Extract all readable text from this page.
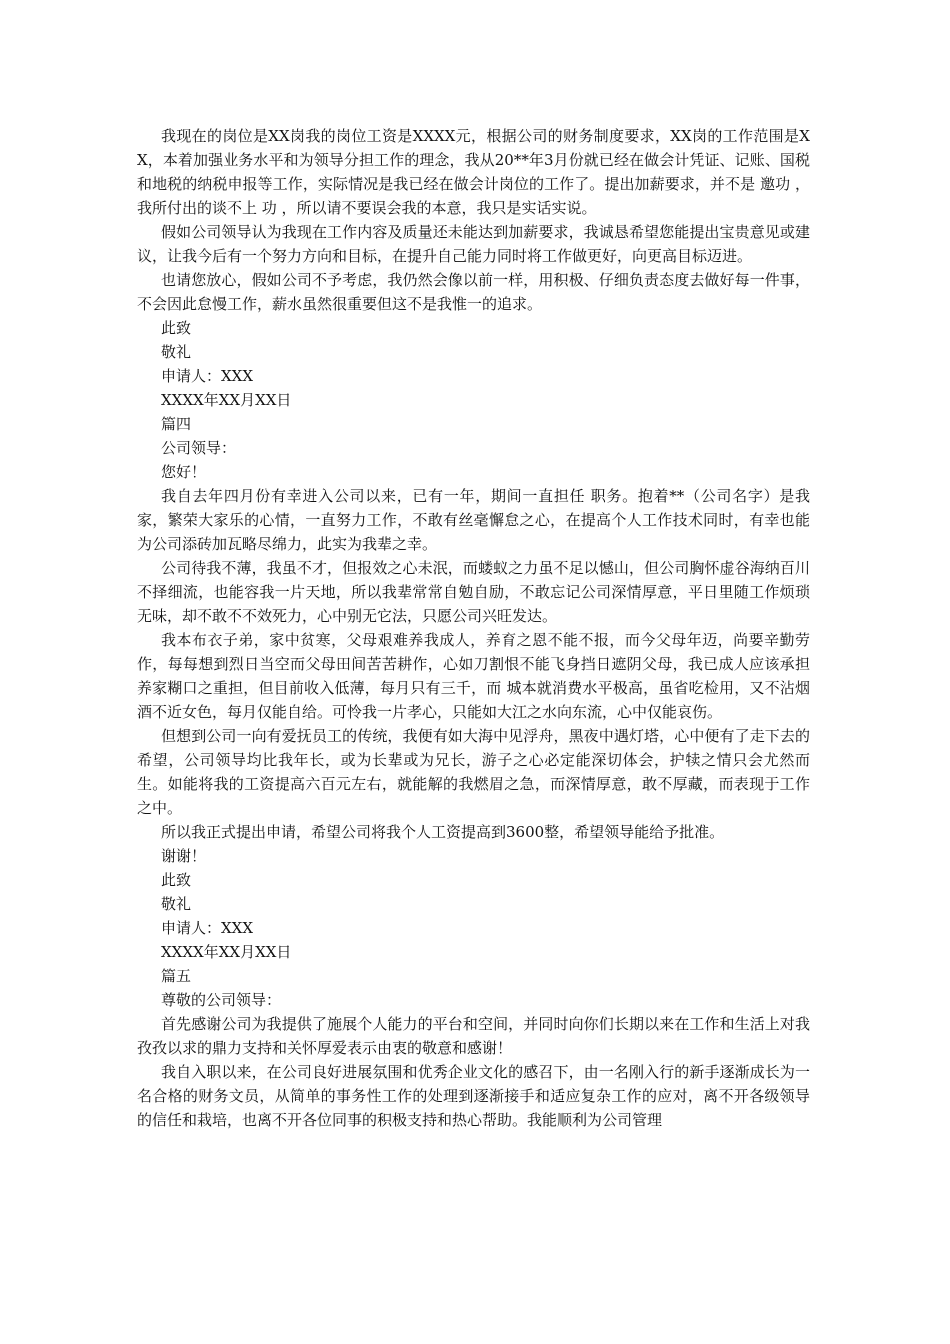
我现在的岗位是XX岗我的岗位工资是XXXX元，根据公司的财务制度要求，XX岗的工作范围是XX，本着加强业务水平和为领导分担工作的理念，我从20**年3月份就已经在做会计凭证、记账、国税和地税的纳税申报等工作，实际情况是我已经在做会计岗位的工作了。提出加薪要求，并不是 邀功 ，我所付出的谈不上 功 ，所以请不要误会我的本意，我只是实话实说。

假如公司领导认为我现在工作内容及质量还未能达到加薪要求，我诚恳希望您能提出宝贵意见或建议，让我今后有一个努力方向和目标，在提升自己能力同时将工作做更好，向更高目标迈进。

也请您放心，假如公司不予考虑，我仍然会像以前一样，用积极、仔细负责态度去做好每一件事，不会因此怠慢工作，薪水虽然很重要但这不是我惟一的追求。

此致

敬礼

申请人：XXX

XXXX年XX月XX日

篇四

公司领导：

您好！

我自去年四月份有幸进入公司以来，已有一年，期间一直担任 职务。抱着**（公司名字）是我家，繁荣大家乐的心情，一直努力工作，不敢有丝毫懈怠之心，在提高个人工作技术同时，有幸也能为公司添砖加瓦略尽绵力，此实为我辈之幸。

公司待我不薄，我虽不才，但报效之心未泯，而蝼蚁之力虽不足以憾山，但公司胸怀虚谷海纳百川不择细流，也能容我一片天地，所以我辈常常自勉自励，不敢忘记公司深情厚意，平日里随工作烦琐无味，却不敢不不效死力，心中别无它法，只愿公司兴旺发达。

我本布衣子弟，家中贫寒，父母艰难养我成人，养育之恩不能不报，而今父母年迈，尚要辛勤劳作，每每想到烈日当空而父母田间苦苦耕作，心如刀割恨不能飞身挡日遮阴父母，我已成人应该承担养家糊口之重担，但目前收入低薄，每月只有三千，而 城本就消费水平极高，虽省吃检用，又不沾烟酒不近女色，每月仅能自给。可怜我一片孝心，只能如大江之水向东流，心中仅能哀伤。

但想到公司一向有爱抚员工的传统，我便有如大海中见浮舟，黑夜中遇灯塔，心中便有了走下去的希望，公司领导均比我年长，或为长辈或为兄长，游子之心必定能深切体会，护犊之情只会尤然而生。如能将我的工资提高六百元左右，就能解的我燃眉之急，而深情厚意，敢不厚藏，而表现于工作之中。

所以我正式提出申请，希望公司将我个人工资提高到3600整，希望领导能给予批准。

谢谢！

此致

敬礼

申请人：XXX

XXXX年XX月XX日

篇五

尊敬的公司领导：

首先感谢公司为我提供了施展个人能力的平台和空间，并同时向你们长期以来在工作和生活上对我孜孜以求的鼎力支持和关怀厚爱表示由衷的敬意和感谢！

我自入职以来，在公司良好进展氛围和优秀企业文化的感召下，由一名刚入行的新手逐渐成长为一名合格的财务文员，从简单的事务性工作的处理到逐渐接手和适应复杂工作的应对，离不开各级领导的信任和栽培，也离不开各位同事的积极支持和热心帮助。我能顺利为公司管理
